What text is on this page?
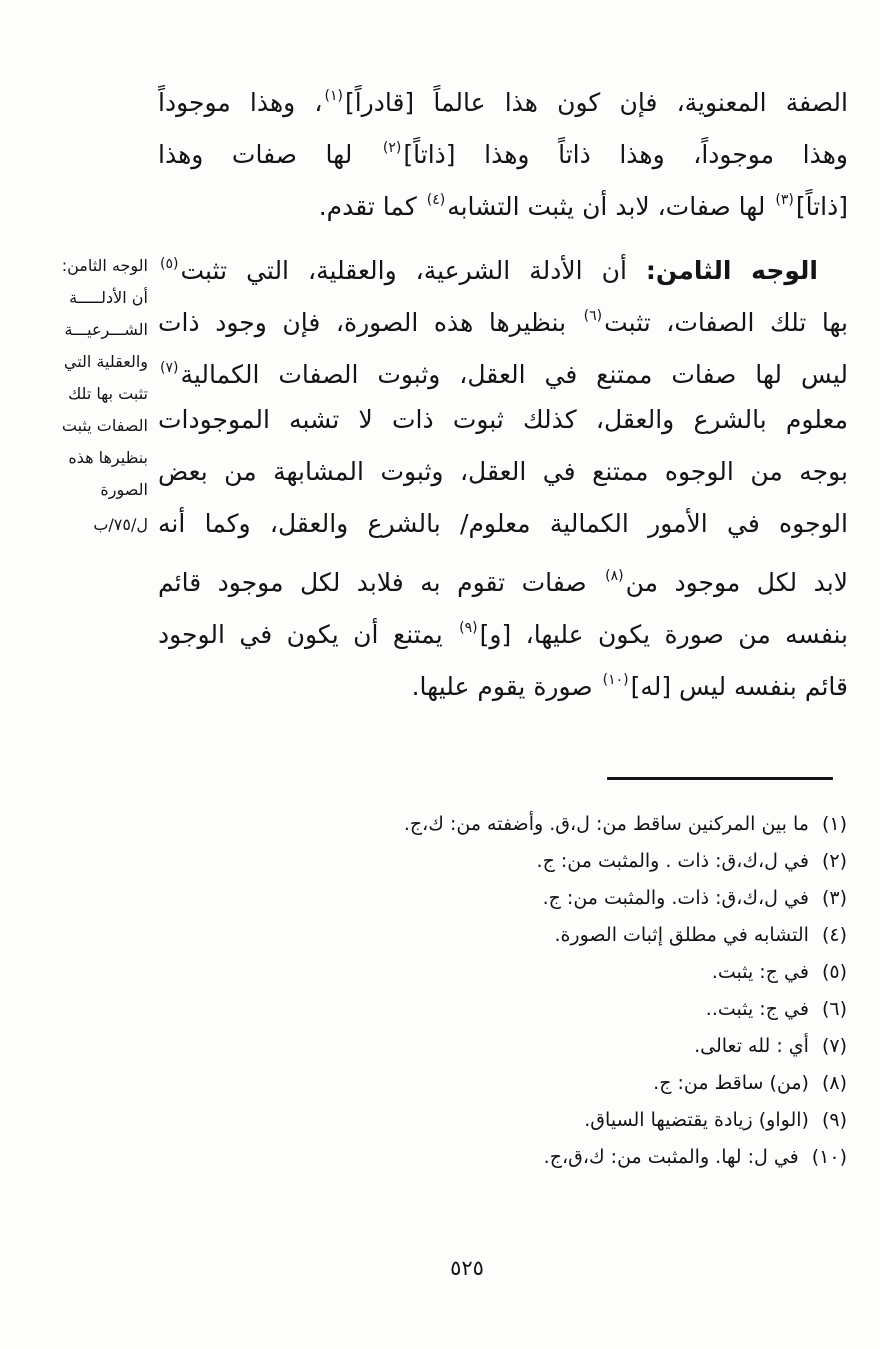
الوجه الثامن:
أن الأدلـــــة
الشـــرعيـــة
والعقلية التي
تثبت بها تلك
الصفات يثبت
بنظيرها هذه
الصورة
ل/٧٥/ب
الصفة المعنوية، فإن كون هذا عالماً [قادراً]$^{(١)}$، وهذا موجوداً
وهذا موجوداً، وهذا ذاتاً وهذا [ذاتاً]$^{(٢)}$ لها صفات وهذا
[ذاتاً]$^{(٣)}$ لها صفات، لابد أن يثبت التشابه$^{(٤)}$ كما تقدم.
الوجه الثامن: أن الأدلة الشرعية، والعقلية، التي تثبت$^{(٥)}$
بها تلك الصفات، تثبت$^{(٦)}$ بنظيرها هذه الصورة، فإن وجود ذات
ليس لها صفات ممتنع في العقل، وثبوت الصفات الكمالية$^{(٧)}$
معلوم بالشرع والعقل، كذلك ثبوت ذات لا تشبه الموجودات
بوجه من الوجوه ممتنع في العقل، وثبوت المشابهة من بعض
الوجوه في الأمور الكمالية معلوم/ بالشرع والعقل، وكما أنه
لابد لكل موجود من$^{(٨)}$ صفات تقوم به فلابد لكل موجود قائم
بنفسه من صورة يكون عليها، [و]$^{(٩)}$ يمتنع أن يكون في الوجود
قائم بنفسه ليس [له]$^{(١٠)}$ صورة يقوم عليها.
(١)ما بين المركنين ساقط من: ل،ق. وأضفته من: ك،ج.
(٢)في ل،ك،ق: ذات . والمثبت من: ج.
(٣)في ل،ك،ق: ذات. والمثبت من: ج.
(٤)التشابه في مطلق إثبات الصورة.
(٥)في ج: يثبت.
(٦)في ج: يثبت..
(٧)أي : لله تعالى.
(٨)(من) ساقط من: ج.
(٩)(الواو) زيادة يقتضيها السياق.
(١٠)في ل: لها. والمثبت من: ك،ق،ج.
٥٢٥
